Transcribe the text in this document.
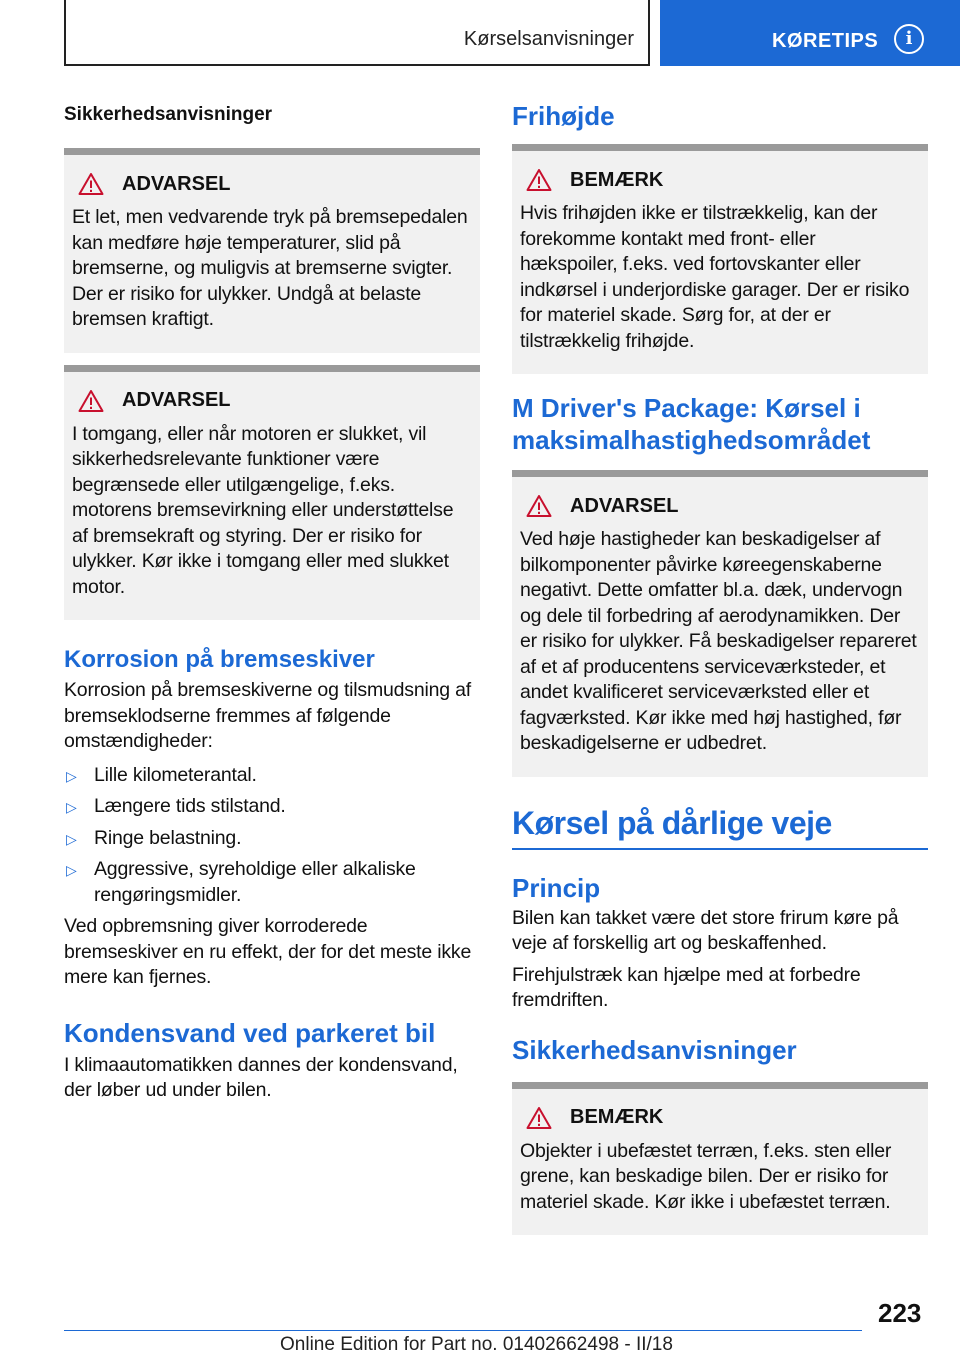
Kørselsanvisninger	KØRETIPS	i
Sikkerhedsanvisninger
ADVARSEL
Et let, men vedvarende tryk på bremsepedalen kan medføre høje temperaturer, slid på bremserne, og muligvis at bremserne svigter. Der er risiko for ulykker. Undgå at belaste bremsen kraftigt.
ADVARSEL
I tomgang, eller når motoren er slukket, vil sikkerhedsrelevante funktioner være begrænsede eller utilgængelige, f.eks. motorens bremsevirkning eller understøttelse af bremsekraft og styring. Der er risiko for ulykker. Kør ikke i tomgang eller med slukket motor.
Korrosion på bremseskiver

Korrosion på bremseskiverne og tilsmudsning af bremseklodserne fremmes af følgende omstændigheder:

▷ Lille kilometerantal.
▷ Længere tids stilstand.
▷ Ringe belastning.
▷ Aggressive, syreholdige eller alkaliske rengøringsmidler.

Ved opbremsning giver korroderede bremseskiver en ru effekt, der for det meste ikke mere kan fjernes.

Kondensvand ved parkeret bil

I klimaautomatikken dannes der kondensvand, der løber ud under bilen.

Frihøjde
BEMÆRK
Hvis frihøjden ikke er tilstrækkelig, kan der forekomme kontakt med front- eller hækspoiler, f.eks. ved fortovskanter eller indkørsel i underjordiske garager. Der er risiko for materiel skade. Sørg for, at der er tilstrækkelig frihøjde.
M Driver's Package: Kørsel i maksimalhastighedsområdet
ADVARSEL
Ved høje hastigheder kan beskadigelser af bilkomponenter påvirke køreegenskaberne negativt. Dette omfatter bl.a. dæk, undervogn og dele til forbedring af aerodynamikken. Der er risiko for ulykker. Få beskadigelser repareret af et af producentens serviceværksteder, et andet kvalificeret serviceværksted eller et fagværksted. Kør ikke med høj hastighed, før beskadigelserne er udbedret.
Kørsel på dårlige veje
Princip

Bilen kan takket være det store frirum køre på veje af forskellig art og beskaffenhed.

Firehjulstræk kan hjælpe med at forbedre fremdriften.

Sikkerhedsanvisninger
BEMÆRK
Objekter i ubefæstet terræn, f.eks. sten eller grene, kan beskadige bilen. Der er risiko for materiel skade. Kør ikke i ubefæstet terræn.
223
Online Edition for Part no. 01402662498 - II/18
